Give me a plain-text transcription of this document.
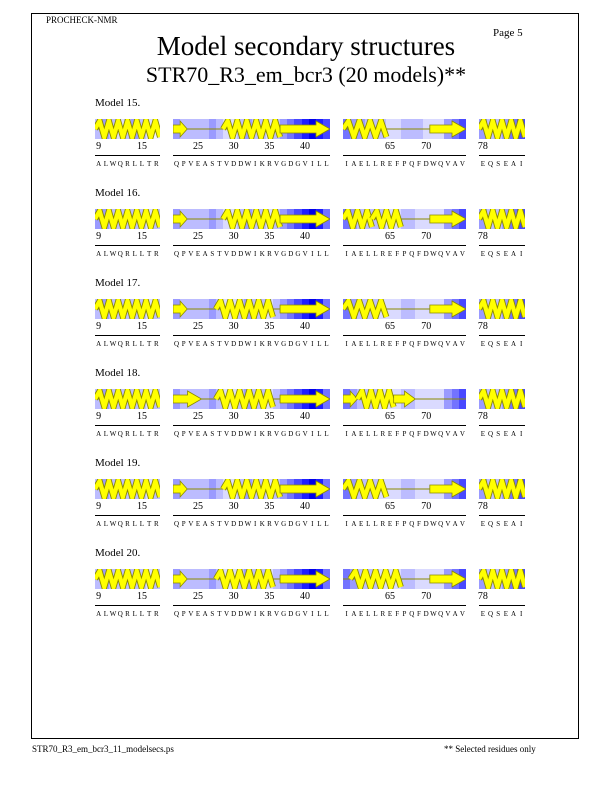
PROCHECK-NMR
Page 5
Model secondary structures
STR70_R3_em_bcr3 (20 models)**
Model 15.
9	15
A L W Q R L L T R
25	30	35	40
Q P V E A S T V D D W I K R V G D G V I L L
65	70
I A E L L R E F P Q F D W Q V A V
78
E Q S E A I
Model 16.
9	15
A L W Q R L L T R
25	30	35	40
Q P V E A S T V D D W I K R V G D G V I L L
65	70
I A E L L R E F P Q F D W Q V A V
78
E Q S E A I
Model 17.
9	15
A L W Q R L L T R
25	30	35	40
Q P V E A S T V D D W I K R V G D G V I L L
65	70
I A E L L R E F P Q F D W Q V A V
78
E Q S E A I
Model 18.
9	15
A L W Q R L L T R
25	30	35	40
Q P V E A S T V D D W I K R V G D G V I L L
65	70
I A E L L R E F P Q F D W Q V A V
78
E Q S E A I
Model 19.
9	15
A L W Q R L L T R
25	30	35	40
Q P V E A S T V D D W I K R V G D G V I L L
65	70
I A E L L R E F P Q F D W Q V A V
78
E Q S E A I
Model 20.
9	15
A L W Q R L L T R
25	30	35	40
Q P V E A S T V D D W I K R V G D G V I L L
65	70
I A E L L R E F P Q F D W Q V A V
78
E Q S E A I
STR70_R3_em_bcr3_11_modelsecs.ps	** Selected residues only
